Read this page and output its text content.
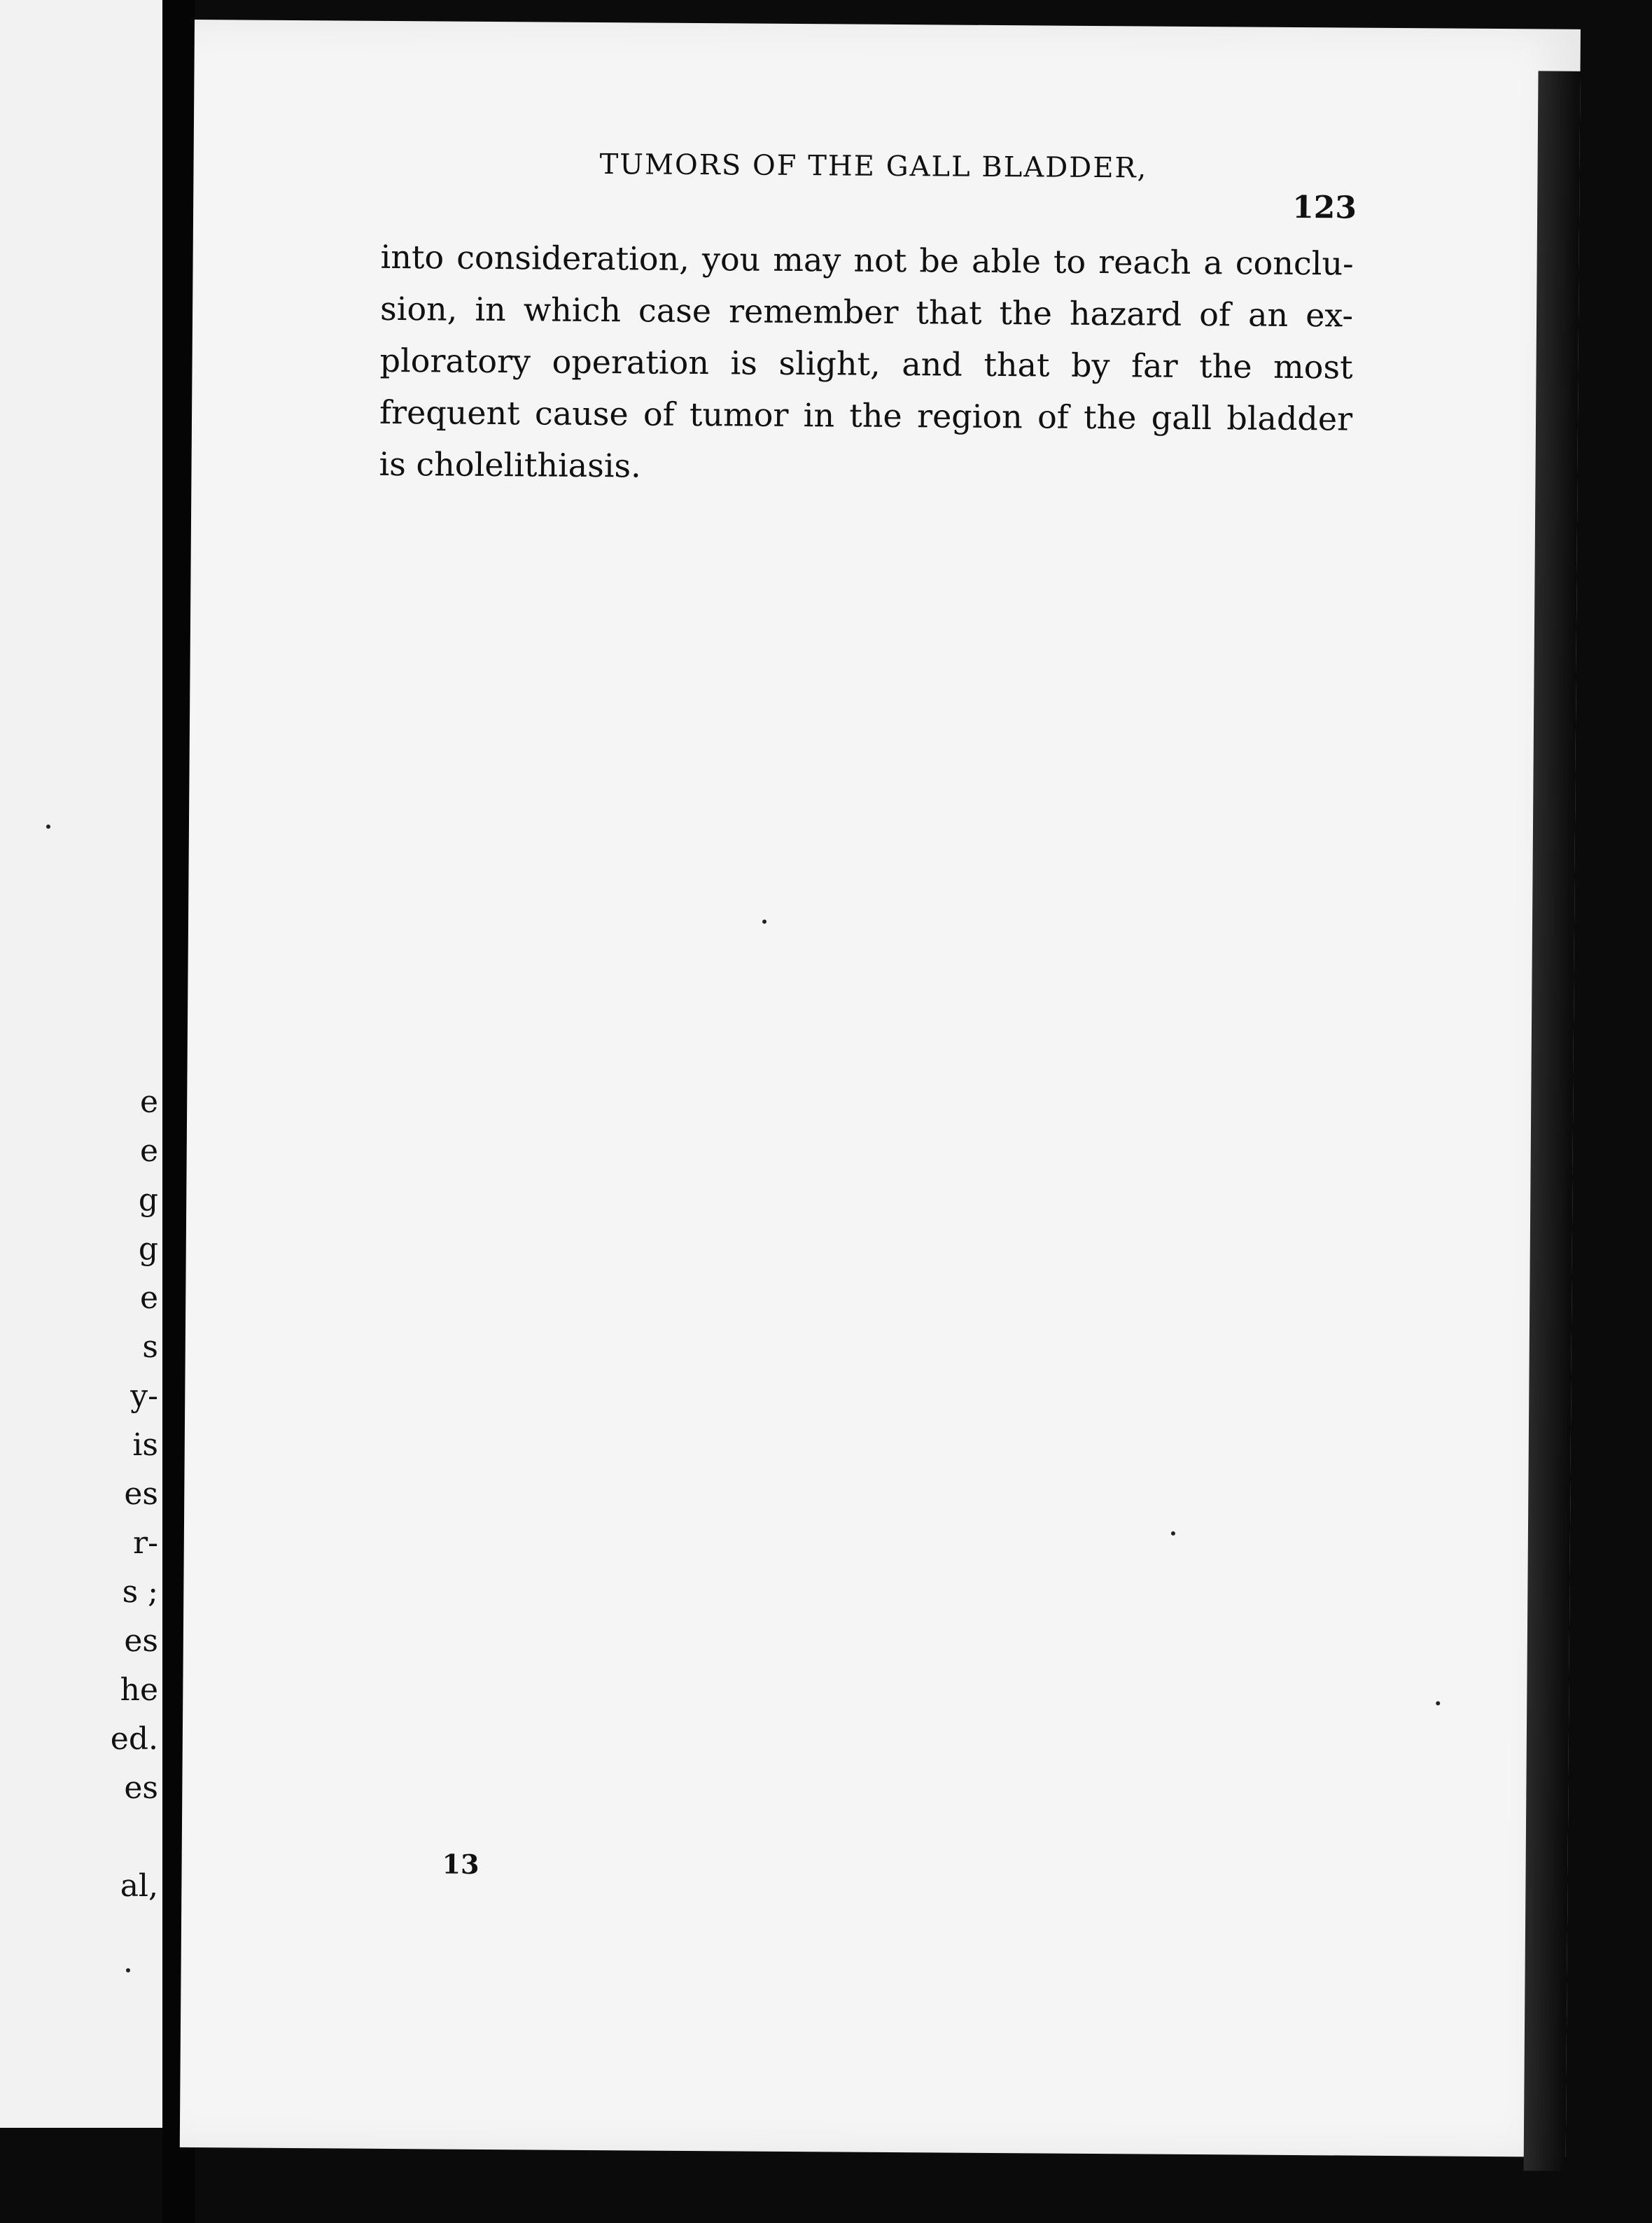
e
e
g
g
e
s
y-
is
es
r-
s ;
es
he
ed.
es
al,
TUMORS OF THE GALL BLADDER,
123

into consideration, you may not be able to reach a conclu-
sion, in which case remember that the hazard of an ex-
ploratory operation is slight, and that by far the most
frequent cause of tumor in the region of the gall bladder
is cholelithiasis.

13
